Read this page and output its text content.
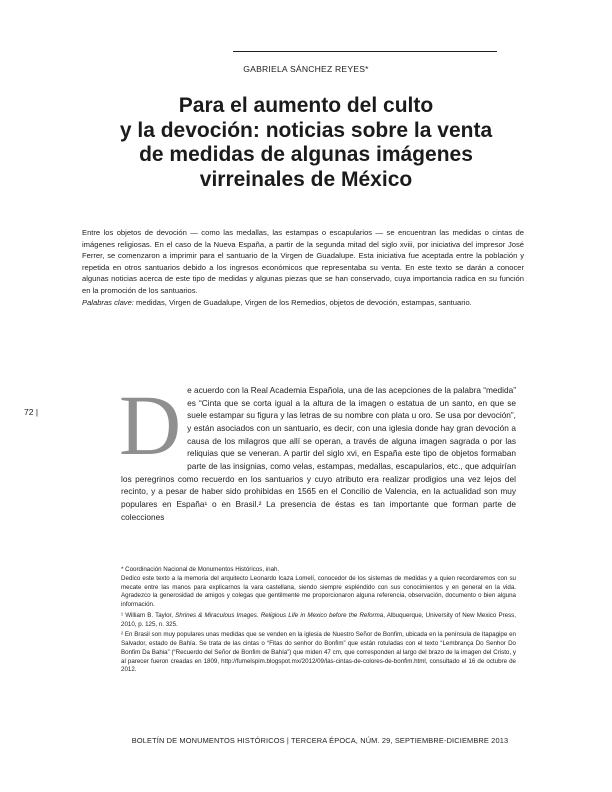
GABRIELA SÁNCHEZ REYES*
Para el aumento del culto
y la devoción: noticias sobre la venta
de medidas de algunas imágenes
virreinales de México

Entre los objetos de devoción — como las medallas, las estampas o escapularios — se encuentran las medidas o cintas de imágenes religiosas. En el caso de la Nueva España, a partir de la segunda mitad del siglo xviii, por iniciativa del impresor José Ferrer, se comenzaron a imprimir para el santuario de la Virgen de Guadalupe. Esta iniciativa fue aceptada entre la población y repetida en otros santuarios debido a los ingresos económicos que representaba su venta. En este texto se darán a conocer algunas noticias acerca de este tipo de medidas y algunas piezas que se han conservado, cuya importancia radica en su función en la promoción de los santuarios.

Palabras clave: medidas, Virgen de Guadalupe, Virgen de los Remedios, objetos de devoción, estampas, santuario.

72 | D e acuerdo con la Real Academia Española, una de las acepciones de la palabra “medida” es “Cinta que se corta igual a la altura de la imagen o estatua de un santo, en que se suele estampar su figura y las letras de su nombre con plata u oro. Se usa por devoción”, y están asociados con un santuario, es decir, con una iglesia donde hay gran devoción a causa de los milagros que allí se operan, a través de alguna imagen sagrada o por las reliquias que se veneran. A partir del siglo xvi, en España este tipo de objetos formaban parte de las insignias, como velas, estampas, medallas, escapularios, etc., que adquirían los peregrinos como recuerdo en los santuarios y cuyo atributo era realizar prodigios una vez lejos del recinto, y a pesar de haber sido prohibidas en 1565 en el Concilio de Valencia, en la actualidad son muy populares en España¹ o en Brasil.² La presencia de éstas es tan importante que forman parte de colecciones

* Coordinación Nacional de Monumentos Históricos, inah.

Dedico este texto a la memoria del arquitecto Leonardo Icaza Lomelí, conocedor de los sistemas de medidas y a quien recordaremos con su mecate entre las manos para explicarnos la vara castellana, siendo siempre espléndido con sus conocimientos y en general en la vida. Agradezco la generosidad de amigos y colegas que gentilmente me proporcionaron alguna referencia, observación, documento o bien alguna información.

¹ William B. Taylor, Shrines & Miraculous Images. Religious Life in Mexico before the Reforma, Albuquerque, University of New Mexico Press, 2010, p. 125, n. 325.

² En Brasil son muy populares unas medidas que se venden en la iglesia de Nuestro Señor de Bonfim, ubicada en la península de Itapagipe en Salvador, estado de Bahía. Se trata de las cintas o “Fitas do senhor do Bonfim” que están rotuladas con el texto “Lembrança Do Senhor Do Bonfim Da Bahia” (“Recuerdo del Señor de Bonfim de Bahía”) que miden 47 cm, que corresponden al largo del brazo de la imagen del Cristo, y al parecer fueron creadas en 1809, http://fumelspim.blogspot.mx/2012/09/las-cintas-de-colores-de-bonfim.html, consultado el 16 de octubre de 2012.

BOLETÍN DE MONUMENTOS HISTÓRICOS | TERCERA ÉPOCA, NÚM. 29, SEPTIEMBRE-DICIEMBRE 2013
